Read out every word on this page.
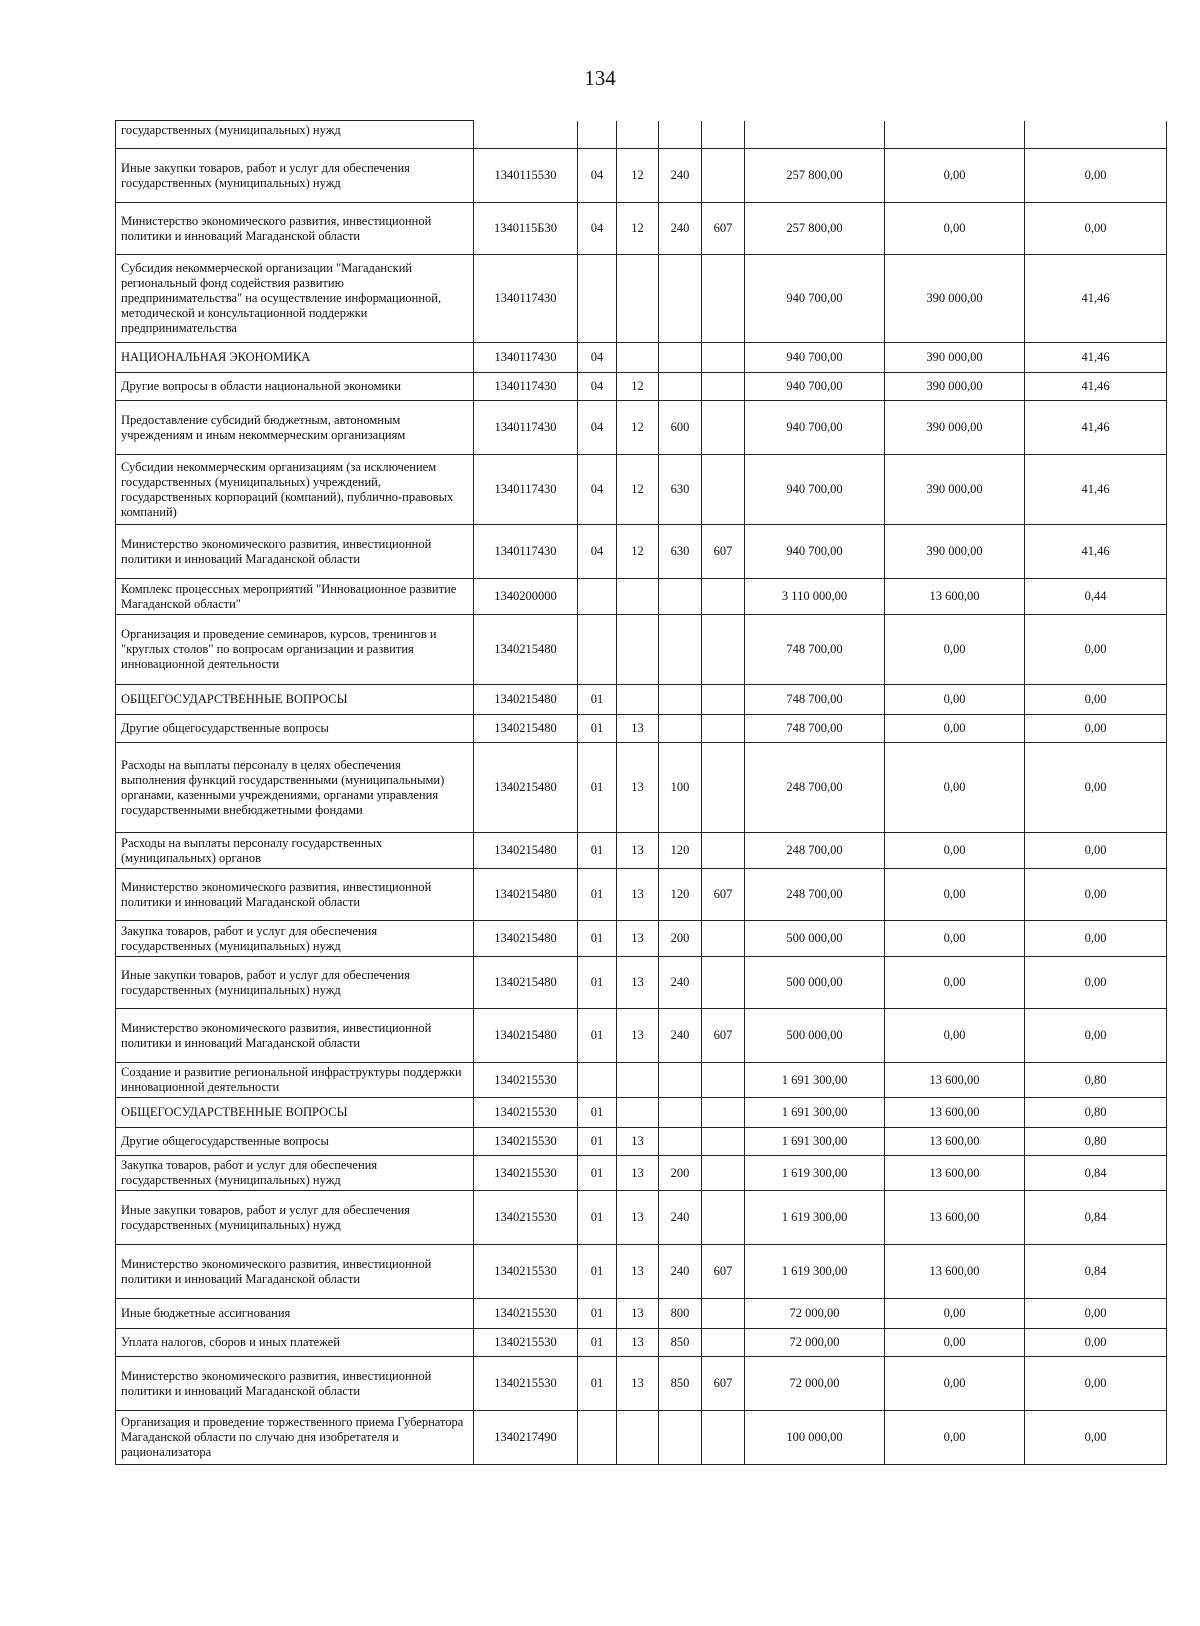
134
государственных (муниципальных) нужд								
Иные закупки товаров, работ и услуг для обеспечения государственных (муниципальных) нужд	13401155З0	04	12	240		257 800,00	0,00	0,00
Министерство экономического развития, инвестиционной политики и инноваций Магаданской области	1340115Б30	04	12	240	607	257 800,00	0,00	0,00
Субсидия некоммерческой организации "Магаданский региональный фонд содействия развитию предпринимательства" на осуществление информационной, методической и консультационной поддержки предпринимательства	1340117430					940 700,00	390 000,00	41,46
НАЦИОНАЛЬНАЯ ЭКОНОМИКА	1340117430	04				940 700,00	390 000,00	41,46
Другие вопросы в области национальной экономики	1340117430	04	12			940 700,00	390 000,00	41,46
Предоставление субсидий бюджетным, автономным учреждениям и иным некоммерческим организациям	1340117430	04	12	600		940 700,00	390 000,00	41,46
Субсидии некоммерческим организациям (за исключением государственных (муниципальных) учреждений, государственных корпораций (компаний), публично-правовых компаний)	1340117430	04	12	630		940 700,00	390 000,00	41,46
Министерство экономического развития, инвестиционной политики и инноваций Магаданской области	1340117430	04	12	630	607	940 700,00	390 000,00	41,46
Комплекс процессных мероприятий "Инновационное развитие Магаданской области"	1340200000					3 110 000,00	13 600,00	0,44
Организация и проведение семинаров, курсов, тренингов и "круглых столов" по вопросам организации и развития инновационной деятельности	1340215480					748 700,00	0,00	0,00
ОБЩЕГОСУДАРСТВЕННЫЕ ВОПРОСЫ	1340215480	01				748 700,00	0,00	0,00
Другие общегосударственные вопросы	1340215480	01	13			748 700,00	0,00	0,00
Расходы на выплаты персоналу в целях обеспечения выполнения функций государственными (муниципальными) органами, казенными учреждениями, органами управления государственными внебюджетными фондами	1340215480	01	13	100		248 700,00	0,00	0,00
Расходы на выплаты персоналу государственных (муниципальных) органов	1340215480	01	13	120		248 700,00	0,00	0,00
Министерство экономического развития, инвестиционной политики и инноваций Магаданской области	1340215480	01	13	120	607	248 700,00	0,00	0,00
Закупка товаров, работ и услуг для обеспечения государственных (муниципальных) нужд	1340215480	01	13	200		500 000,00	0,00	0,00
Иные закупки товаров, работ и услуг для обеспечения государственных (муниципальных) нужд	1340215480	01	13	240		500 000,00	0,00	0,00
Министерство экономического развития, инвестиционной политики и инноваций Магаданской области	1340215480	01	13	240	607	500 000,00	0,00	0,00
Создание и развитие региональной инфраструктуры поддержки инновационной деятельности	1340215530					1 691 300,00	13 600,00	0,80
ОБЩЕГОСУДАРСТВЕННЫЕ ВОПРОСЫ	1340215530	01				1 691 300,00	13 600,00	0,80
Другие общегосударственные вопросы	1340215530	01	13			1 691 300,00	13 600,00	0,80
Закупка товаров, работ и услуг для обеспечения государственных (муниципальных) нужд	1340215530	01	13	200		1 619 300,00	13 600,00	0,84
Иные закупки товаров, работ и услуг для обеспечения государственных (муниципальных) нужд	1340215530	01	13	240		1 619 300,00	13 600,00	0,84
Министерство экономического развития, инвестиционной политики и инноваций Магаданской области	1340215530	01	13	240	607	1 619 300,00	13 600,00	0,84
Иные бюджетные ассигнования	1340215530	01	13	800		72 000,00	0,00	0,00
Уплата налогов, сборов и иных платежей	1340215530	01	13	850		72 000,00	0,00	0,00
Министерство экономического развития, инвестиционной политики и инноваций Магаданской области	1340215530	01	13	850	607	72 000,00	0,00	0,00
Организация и проведение торжественного приема Губернатора Магаданской области по случаю дня изобретателя и рационализатора	1340217490					100 000,00	0,00	0,00
